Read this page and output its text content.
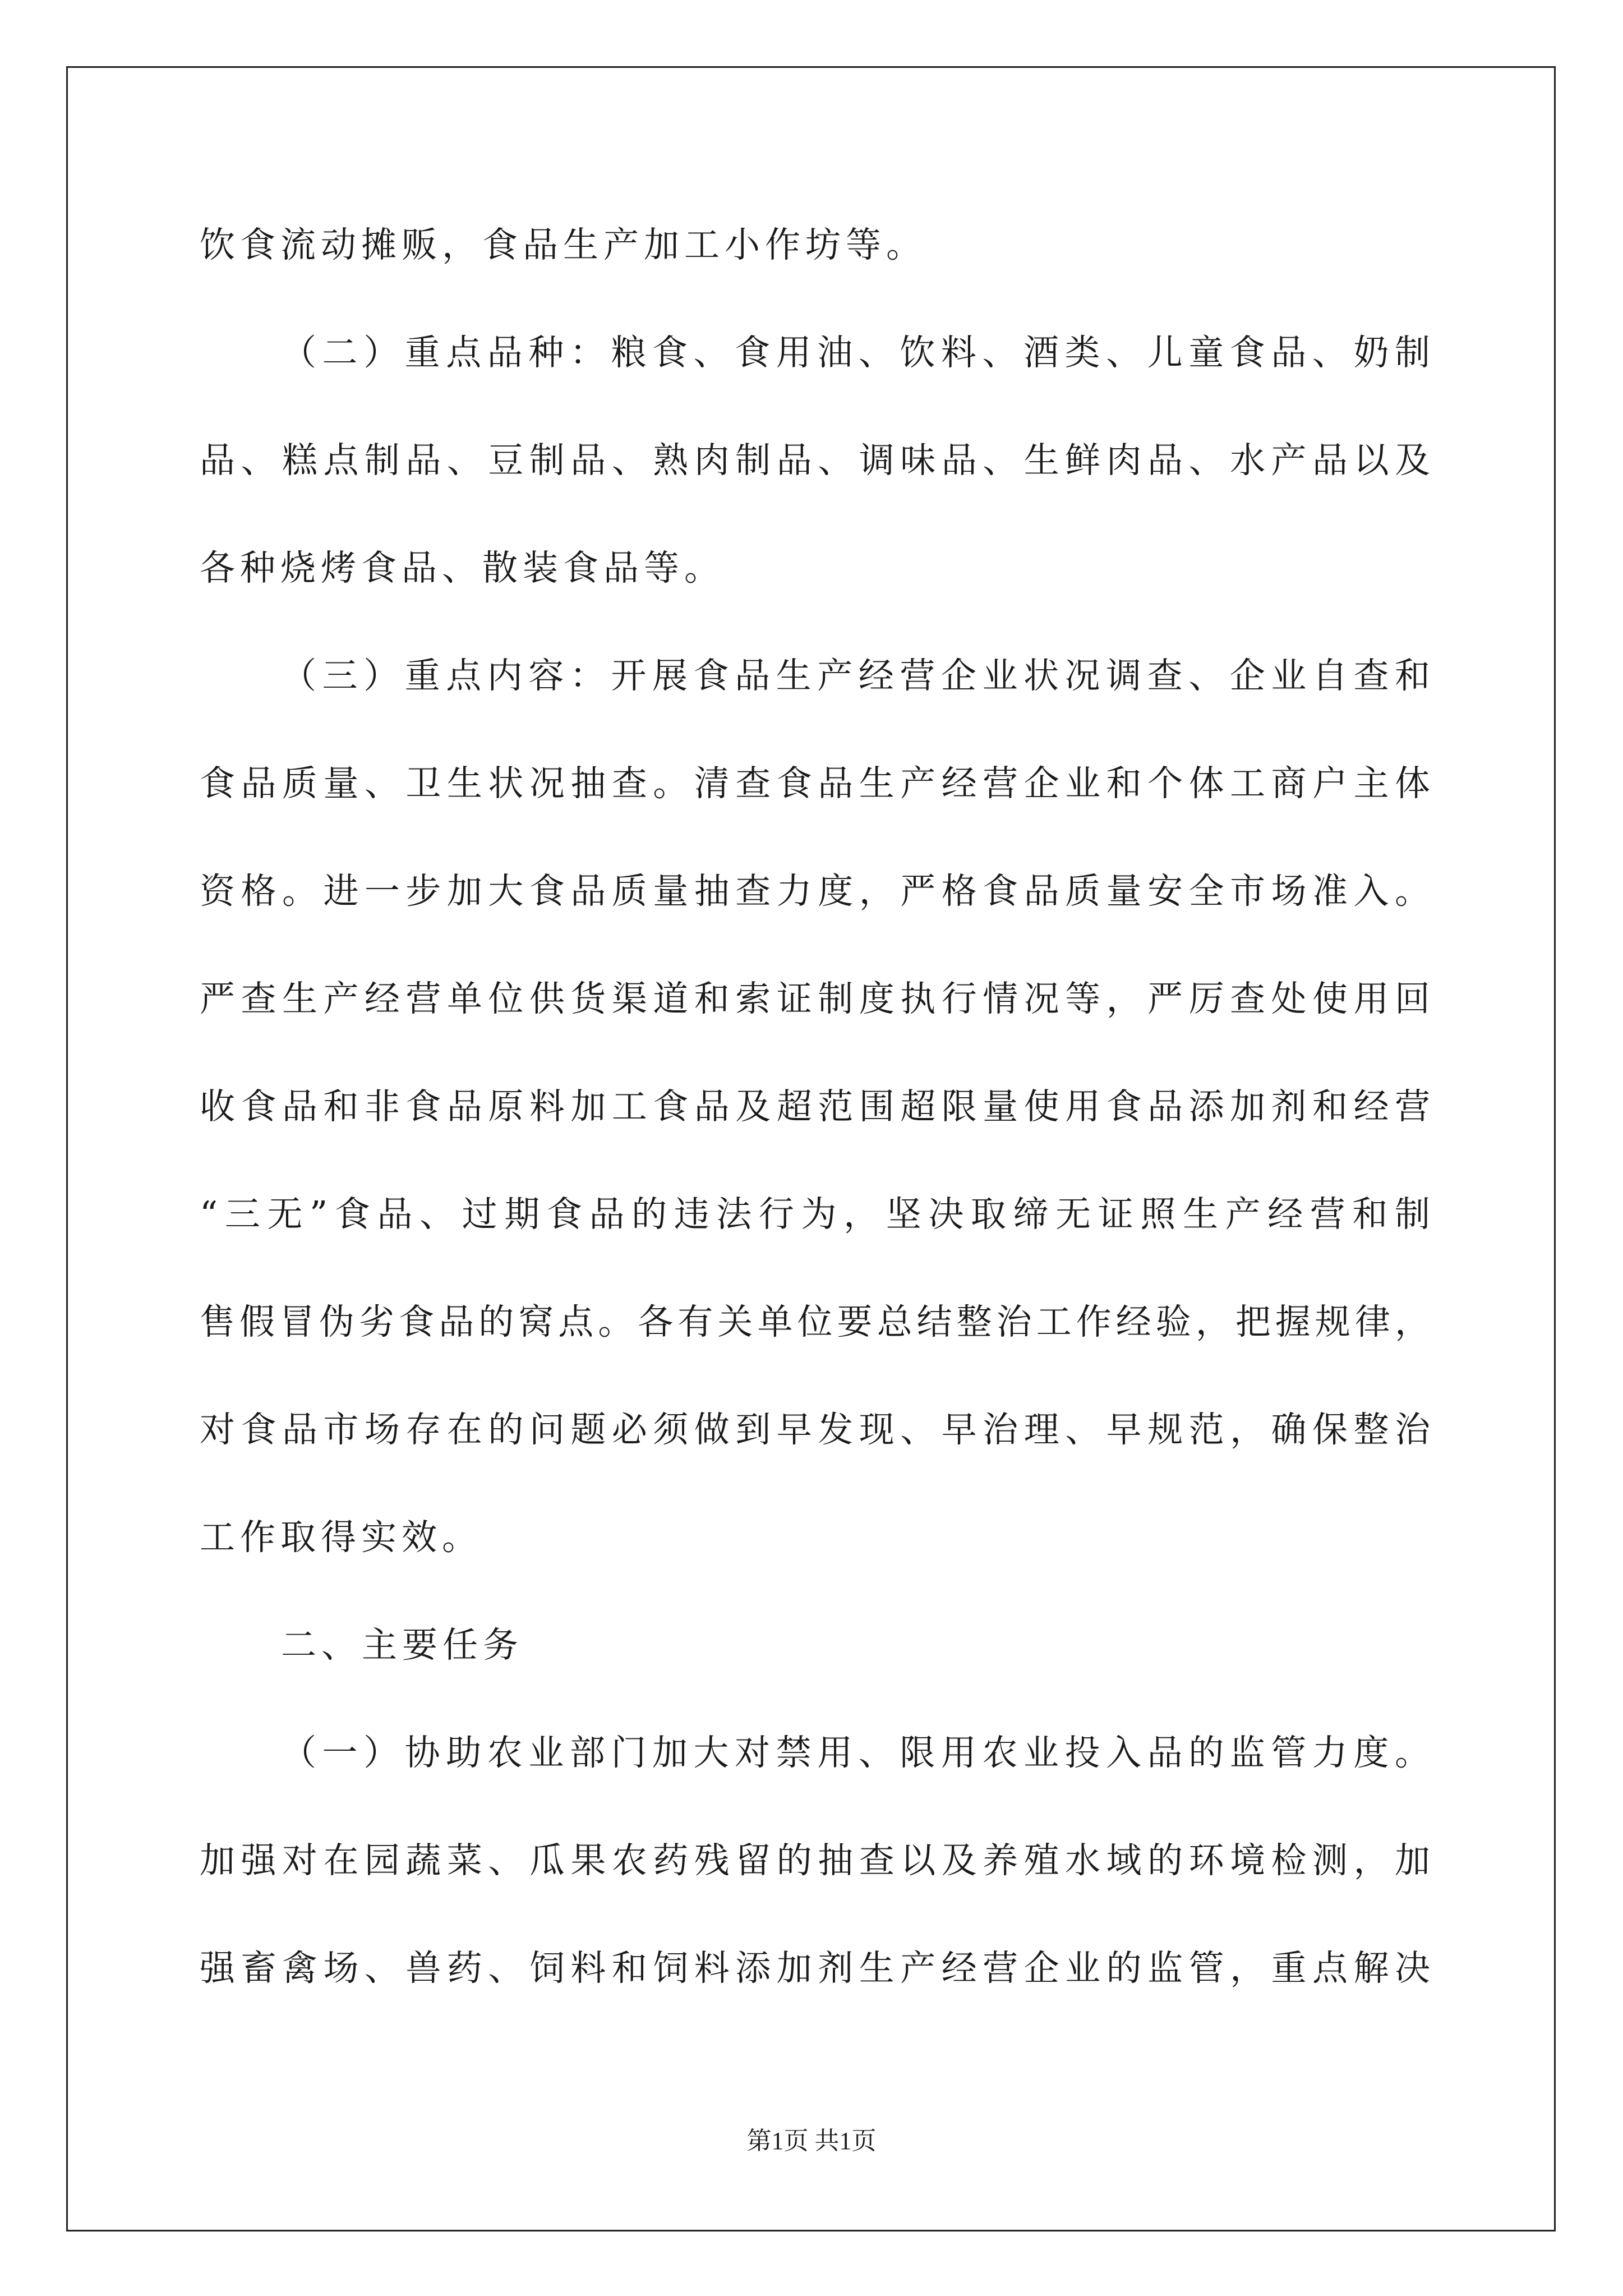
饮食流动摊贩，食品生产加工小作坊等。
（二）重点品种：粮食、食用油、饮料、酒类、儿童食品、奶制
品、糕点制品、豆制品、熟肉制品、调味品、生鲜肉品、水产品以及
各种烧烤食品、散装食品等。
（三）重点内容：开展食品生产经营企业状况调查、企业自查和
食品质量、卫生状况抽查。清查食品生产经营企业和个体工商户主体
资格。进一步加大食品质量抽查力度，严格食品质量安全市场准入。
严查生产经营单位供货渠道和索证制度执行情况等，严厉查处使用回
收食品和非食品原料加工食品及超范围超限量使用食品添加剂和经营
“三无”食品、过期食品的违法行为，坚决取缔无证照生产经营和制
售假冒伪劣食品的窝点。各有关单位要总结整治工作经验，把握规律，
对食品市场存在的问题必须做到早发现、早治理、早规范，确保整治
工作取得实效。
二、主要任务
（一）协助农业部门加大对禁用、限用农业投入品的监管力度。
加强对在园蔬菜、瓜果农药残留的抽查以及养殖水域的环境检测，加
强畜禽场、兽药、饲料和饲料添加剂生产经营企业的监管，重点解决
第1页 共1页
